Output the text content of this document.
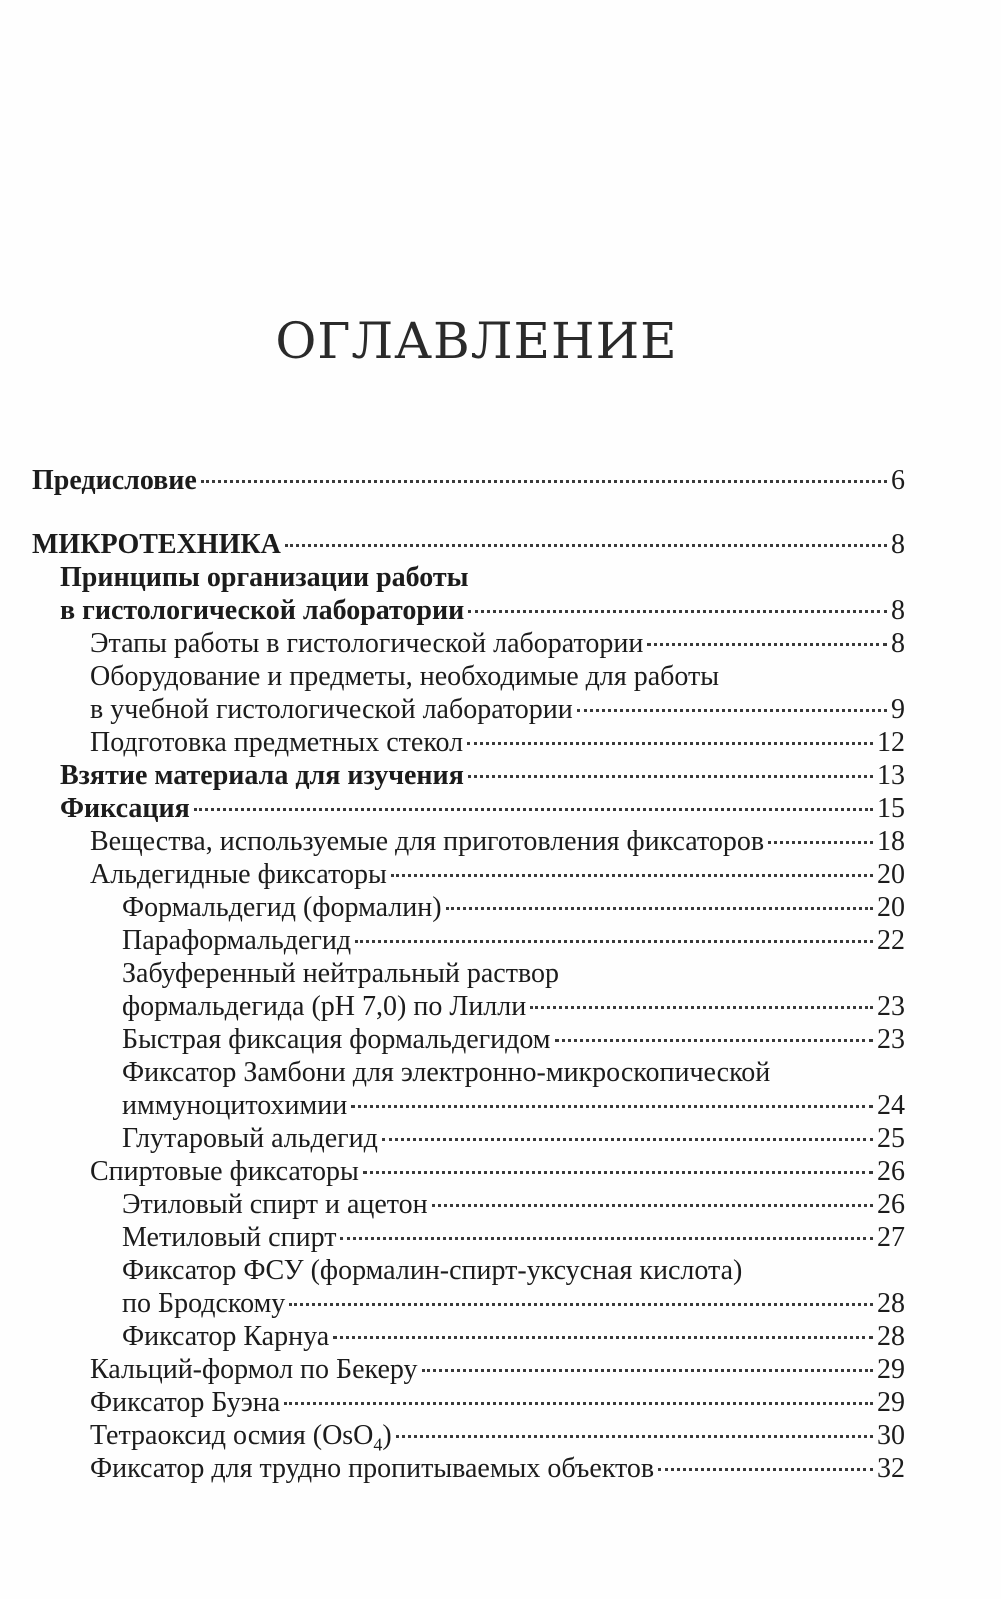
ОГЛАВЛЕНИЕ
Предисловие	6
МИКРОТЕХНИКА	8
Принципы организации работы
в гистологической лаборатории	8
Этапы работы в гистологической лаборатории	8
Оборудование и предметы, необходимые для работы
в учебной гистологической лаборатории	9
Подготовка предметных стекол	12
Взятие материала для изучения	13
Фиксация	15
Вещества, используемые для приготовления фиксаторов	18
Альдегидные фиксаторы	20
Формальдегид (формалин)	20
Параформальдегид	22
Забуференный нейтральный раствор
формальдегида (pH 7,0) по Лилли	23
Быстрая фиксация формальдегидом	23
Фиксатор Замбони для электронно-микроскопической
иммуноцитохимии	24
Глутаровый альдегид	25
Спиртовые фиксаторы	26
Этиловый спирт и ацетон	26
Метиловый спирт	27
Фиксатор ФСУ (формалин-спирт-уксусная кислота)
по Бродскому	28
Фиксатор Карнуа	28
Кальций-формол по Бекеру	29
Фиксатор Буэна	29
Тетраоксид осмия (OsO$_4$)	30
Фиксатор для трудно пропитываемых объектов	32
